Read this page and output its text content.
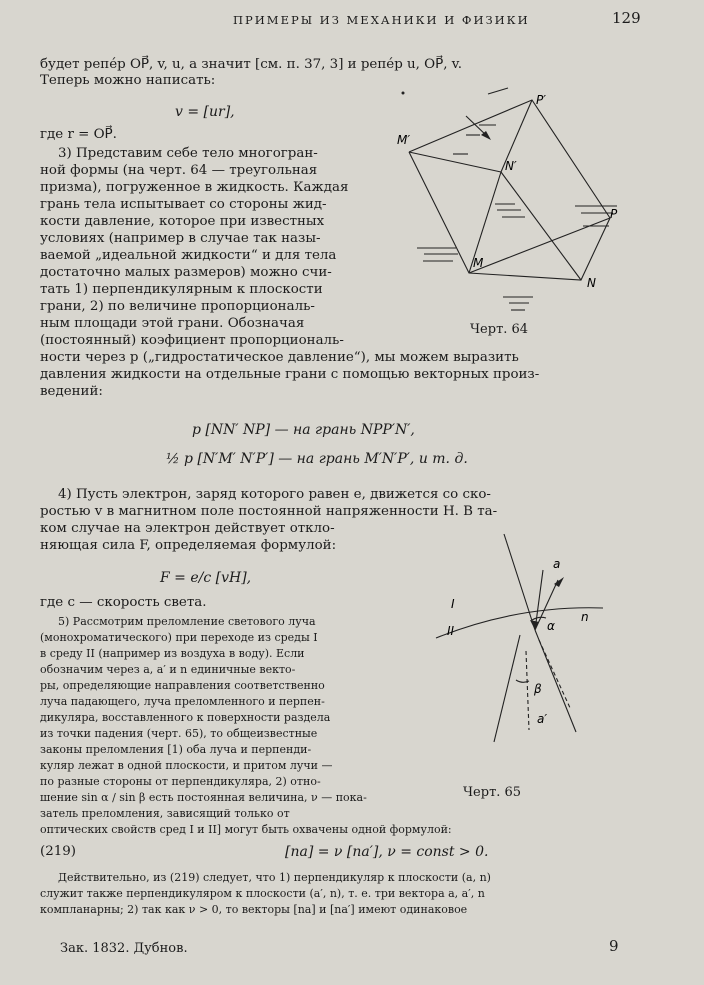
ПРИМЕРЫ ИЗ МЕХАНИКИ И ФИЗИКИ	129
будет репéр OP⃗, v, u, а значит [см. п. 37, 3] и репéр u, OP⃗, v.
Теперь можно написать:
v = [ur],
где r = OP⃗.
3) Представим себе тело многогран-
ной формы (на черт. 64 — треугольная
призма), погруженное в жидкость. Каждая
грань тела испытывает со стороны жид-
кости давление, которое при известных
условиях (например в случае так назы-
ваемой „идеальной жидкости“ и для тела
достаточно малых размеров) можно счи-
тать 1) перпендикулярным к плоскости
грани, 2) по величине пропорциональ-
ным площади этой грани. Обозначая
(постоянный) коэфициент пропорциональ-
ности через p („гидростатическое давление“), мы можем выразить
давления жидкости на отдельные грани с помощью векторных произ-
ведений:
p [NN′ NP] — на грань NPP′N′,
½ p [N′M′ N′P′] — на грань M′N′P′, и т. д.
4) Пусть электрон, заряд которого равен e, движется со ско-
ростью v в магнитном поле постоянной напряженности H. В та-
ком случае на электрон действует откло-
няющая сила F, определяемая формулой:
F = e/c [vH],
где c — скорость света.
5) Рассмотрим преломление светового луча
(монохроматического) при переходе из среды I
в среду II (например из воздуха в воду). Если
обозначим через a, a′ и n единичные векто-
ры, определяющие направления соответственно
луча падающего, луча преломленного и перпен-
дикуляра, восставленного к поверхности раздела
из точки падения (черт. 65), то общеизвестные
законы преломления [1) оба луча и перпенди-
куляр лежат в одной плоскости, и притом лучи —
по разные стороны от перпендикуляра, 2) отно-
шение sin α / sin β есть постоянная величина, ν — пока-
затель преломления, зависящий только от
оптических свойств сред I и II] могут быть охвачены одной формулой:
(219)	[na] = ν [na′], ν = const > 0.
Действительно, из (219) следует, что 1) перпендикуляр к плоскости (a, n)
служит также перпендикуляром к плоскости (a′, n), т. е. три вектора a, a′, n
компланарны; 2) так как ν > 0, то векторы [na] и [na′] имеют одинаковое
Зак. 1832. Дубнов.	9
P′
M′
N′
P
M
N
Черт. 64
a
n
α
β
a′
I
II
Черт. 65
